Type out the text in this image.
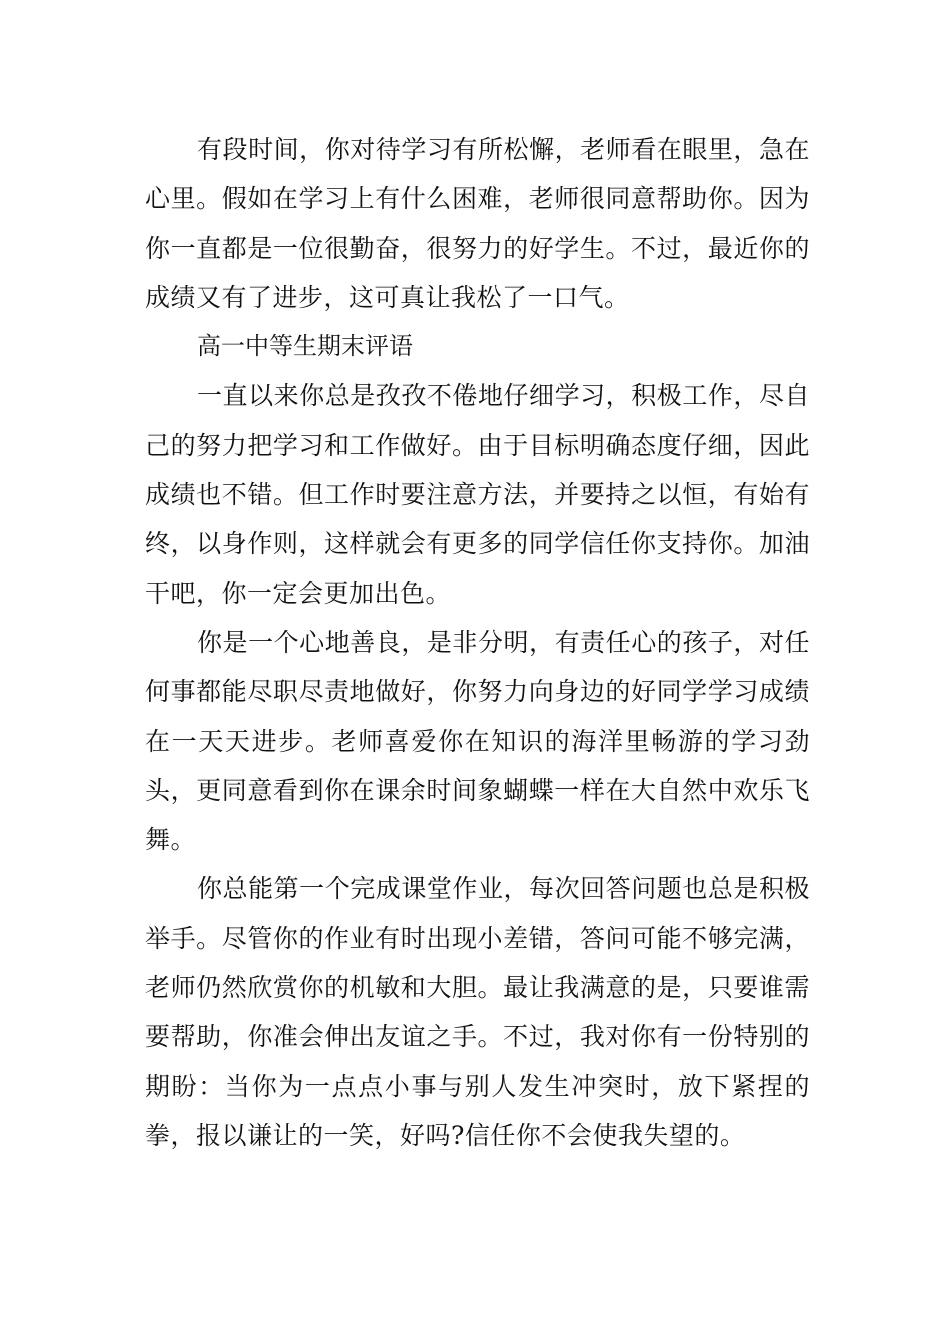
有段时间，你对待学习有所松懈，老师看在眼里，急在心里。假如在学习上有什么困难，老师很同意帮助你。因为你一直都是一位很勤奋，很努力的好学生。不过，最近你的成绩又有了进步，这可真让我松了一口气。

高一中等生期末评语

一直以来你总是孜孜不倦地仔细学习，积极工作，尽自己的努力把学习和工作做好。由于目标明确态度仔细，因此成绩也不错。但工作时要注意方法，并要持之以恒，有始有终，以身作则，这样就会有更多的同学信任你支持你。加油干吧，你一定会更加出色。

你是一个心地善良，是非分明，有责任心的孩子，对任何事都能尽职尽责地做好，你努力向身边的好同学学习成绩在一天天进步。老师喜爱你在知识的海洋里畅游的学习劲头，更同意看到你在课余时间象蝴蝶一样在大自然中欢乐飞舞。

你总能第一个完成课堂作业，每次回答问题也总是积极举手。尽管你的作业有时出现小差错，答问可能不够完满，老师仍然欣赏你的机敏和大胆。最让我满意的是，只要谁需要帮助，你准会伸出友谊之手。不过，我对你有一份特别的期盼：当你为一点点小事与别人发生冲突时，放下紧捏的拳，报以谦让的一笑，好吗?信任你不会使我失望的。
